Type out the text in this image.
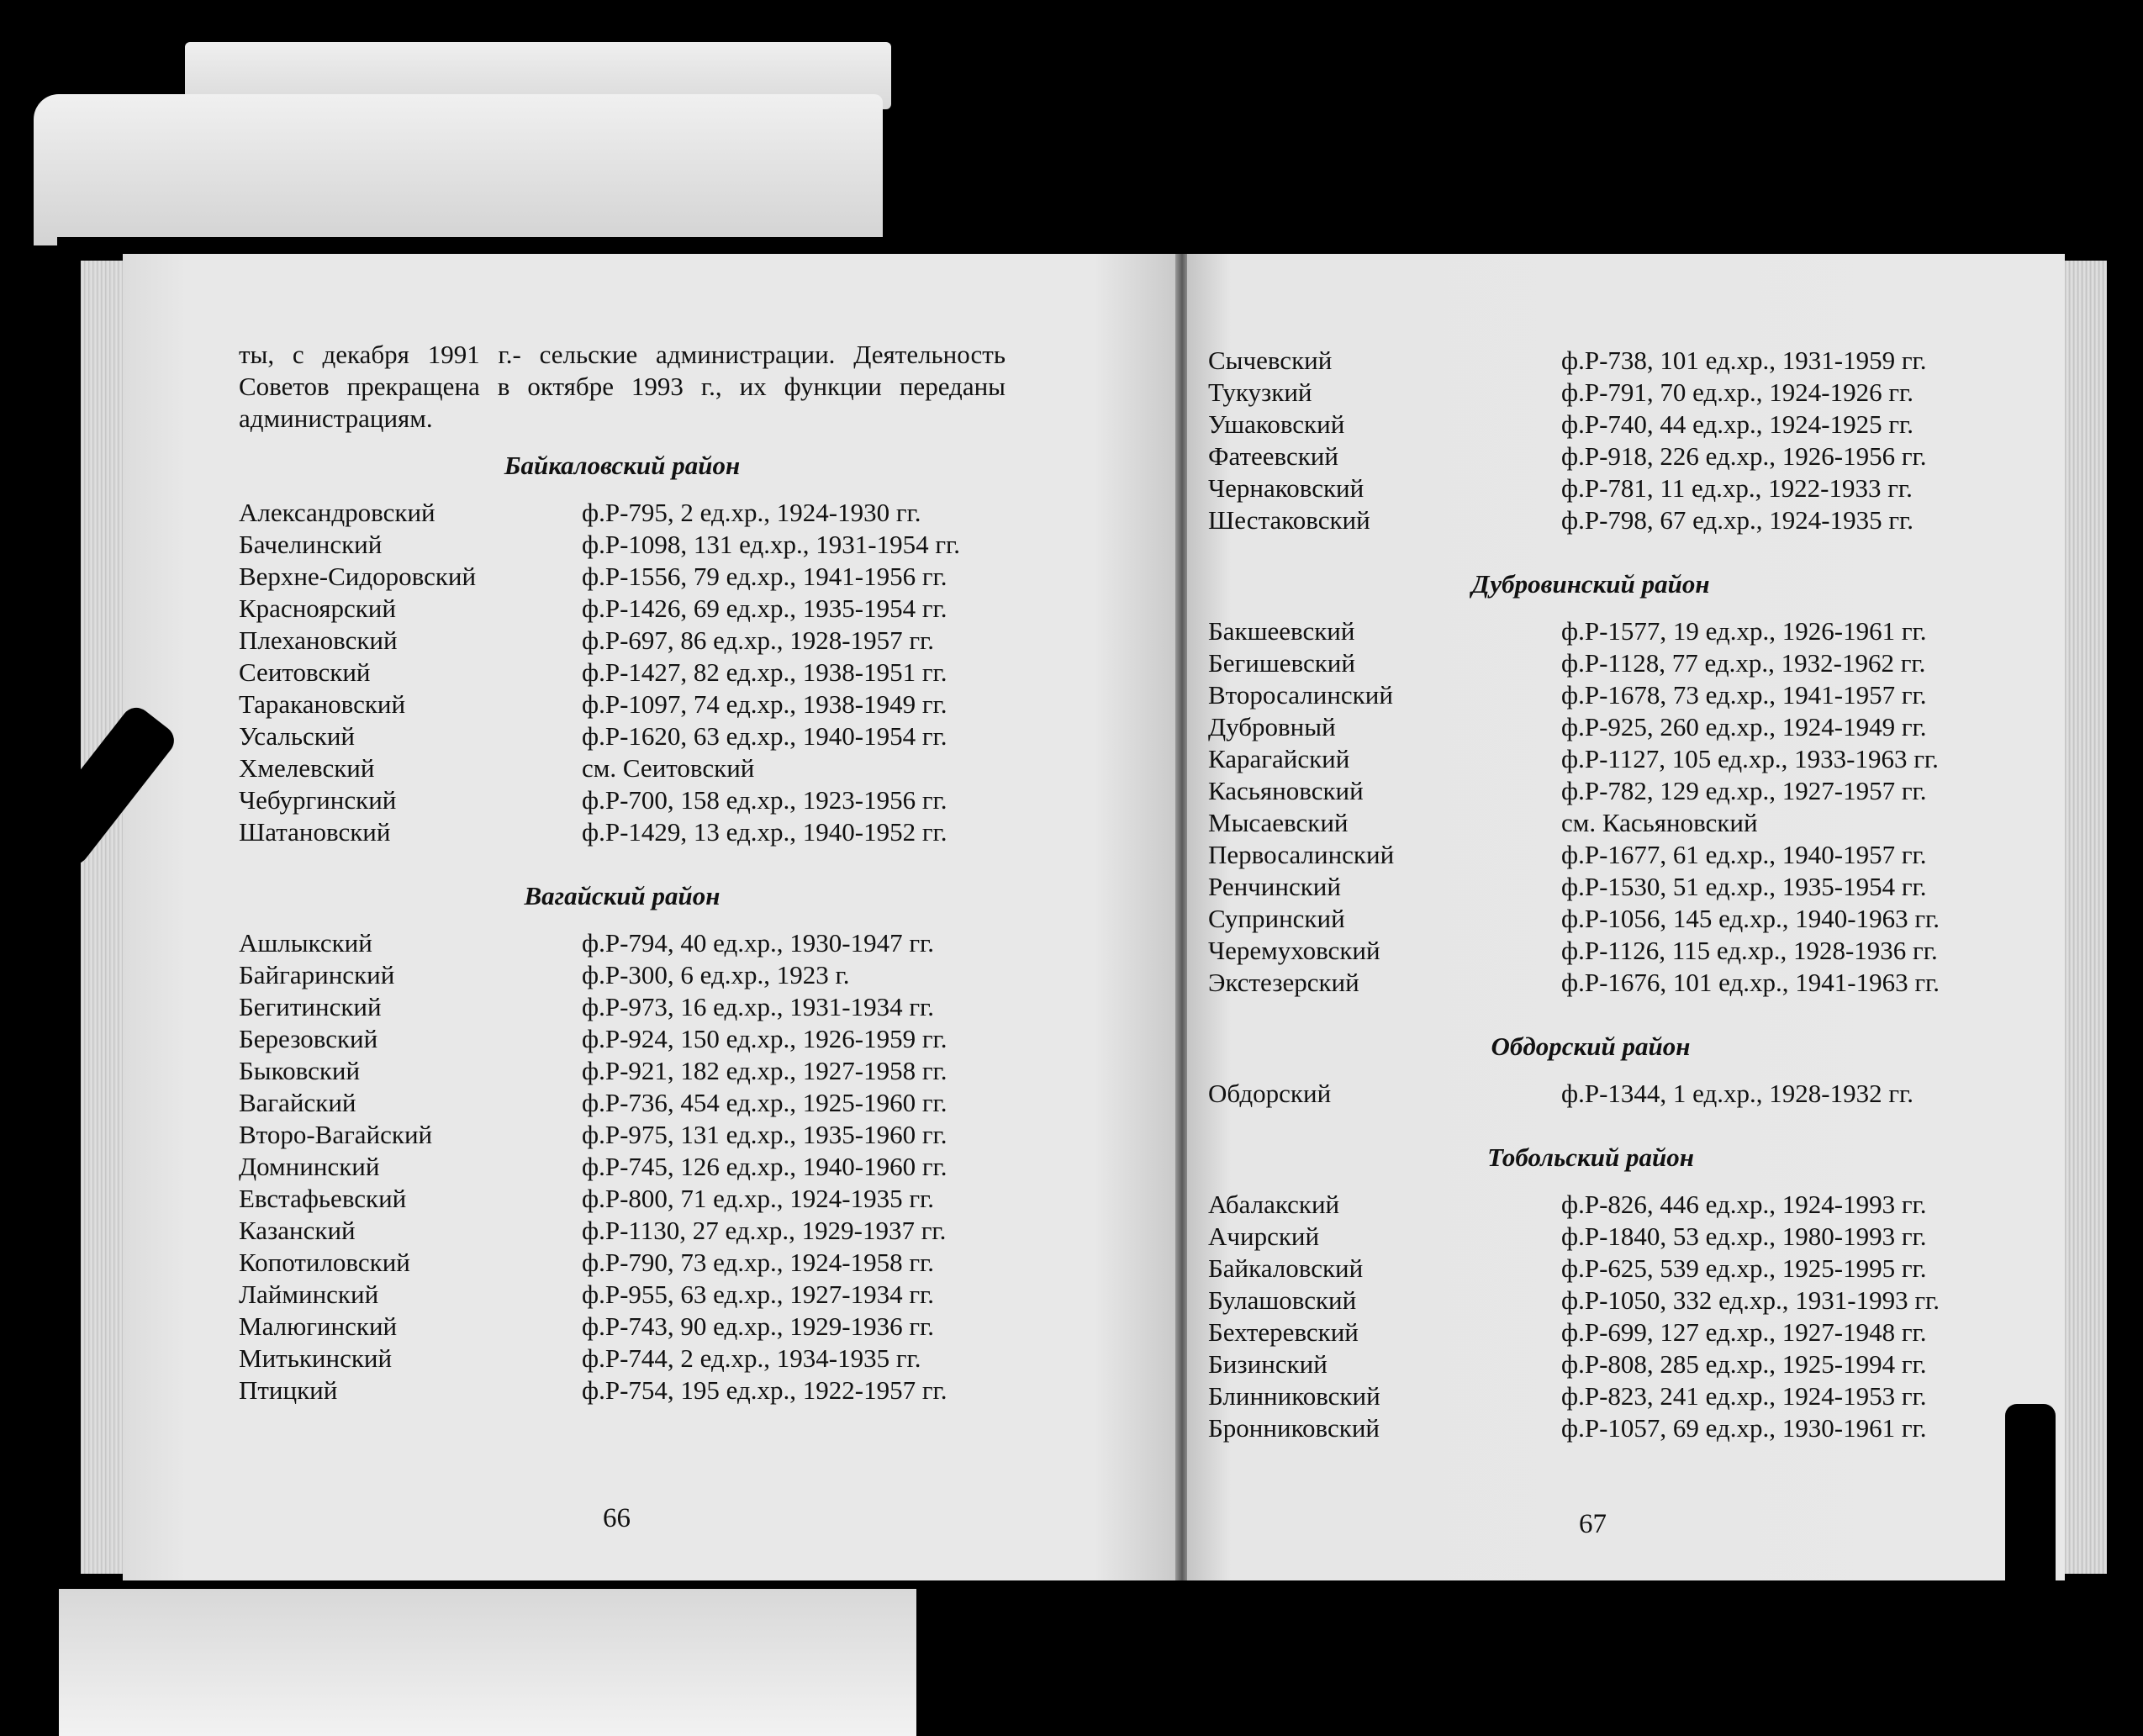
ты, с декабря 1991 г.- сельские администрации. Деятельность Советов прекращена в октябре 1993 г., их функции переданы администрациям.

Байкаловский район
Александровский	ф.Р-795, 2 ед.хр., 1924-1930 гг.
Бачелинский	ф.Р-1098, 131 ед.хр., 1931-1954 гг.
Верхне-Сидоровский	ф.Р-1556, 79 ед.хр., 1941-1956 гг.
Красноярский	ф.Р-1426, 69 ед.хр., 1935-1954 гг.
Плехановский	ф.Р-697, 86 ед.хр., 1928-1957 гг.
Сеитовский	ф.Р-1427, 82 ед.хр., 1938-1951 гг.
Таракановский	ф.Р-1097, 74 ед.хр., 1938-1949 гг.
Усальский	ф.Р-1620, 63 ед.хр., 1940-1954 гг.
Хмелевский	см. Сеитовский
Чебургинский	ф.Р-700, 158 ед.хр., 1923-1956 гг.
Шатановский	ф.Р-1429, 13 ед.хр., 1940-1952 гг.
Вагайский район
Ашлыкский	ф.Р-794, 40 ед.хр., 1930-1947 гг.
Байгаринский	ф.Р-300, 6 ед.хр., 1923 г.
Бегитинский	ф.Р-973, 16 ед.хр., 1931-1934 гг.
Березовский	ф.Р-924, 150 ед.хр., 1926-1959 гг.
Быковский	ф.Р-921, 182 ед.хр., 1927-1958 гг.
Вагайский	ф.Р-736, 454 ед.хр., 1925-1960 гг.
Второ-Вагайский	ф.Р-975, 131 ед.хр., 1935-1960 гг.
Домнинский	ф.Р-745, 126 ед.хр., 1940-1960 гг.
Евстафьевский	ф.Р-800, 71 ед.хр., 1924-1935 гг.
Казанский	ф.Р-1130, 27 ед.хр., 1929-1937 гг.
Копотиловский	ф.Р-790, 73 ед.хр., 1924-1958 гг.
Лайминский	ф.Р-955, 63 ед.хр., 1927-1934 гг.
Малюгинский	ф.Р-743, 90 ед.хр., 1929-1936 гг.
Митькинский	ф.Р-744, 2 ед.хр., 1934-1935 гг.
Птицкий	ф.Р-754, 195 ед.хр., 1922-1957 гг.
66
Сычевский	ф.Р-738, 101 ед.хр., 1931-1959 гг.
Тукузкий	ф.Р-791, 70 ед.хр., 1924-1926 гг.
Ушаковский	ф.Р-740, 44 ед.хр., 1924-1925 гг.
Фатеевский	ф.Р-918, 226 ед.хр., 1926-1956 гг.
Чернаковский	ф.Р-781, 11 ед.хр., 1922-1933 гг.
Шестаковский	ф.Р-798, 67 ед.хр., 1924-1935 гг.
Дубровинский район
Бакшеевский	ф.Р-1577, 19 ед.хр., 1926-1961 гг.
Бегишевский	ф.Р-1128, 77 ед.хр., 1932-1962 гг.
Второсалинский	ф.Р-1678, 73 ед.хр., 1941-1957 гг.
Дубровный	ф.Р-925, 260 ед.хр., 1924-1949 гг.
Карагайский	ф.Р-1127, 105 ед.хр., 1933-1963 гг.
Касьяновский	ф.Р-782, 129 ед.хр., 1927-1957 гг.
Мысаевский	см. Касьяновский
Первосалинский	ф.Р-1677, 61 ед.хр., 1940-1957 гг.
Ренчинский	ф.Р-1530, 51 ед.хр., 1935-1954 гг.
Супринский	ф.Р-1056, 145 ед.хр., 1940-1963 гг.
Черемуховский	ф.Р-1126, 115 ед.хр., 1928-1936 гг.
Экстезерский	ф.Р-1676, 101 ед.хр., 1941-1963 гг.
Обдорский район
Обдорский	ф.Р-1344, 1 ед.хр., 1928-1932 гг.
Тобольский район
Абалакский	ф.Р-826, 446 ед.хр., 1924-1993 гг.
Ачирский	ф.Р-1840, 53 ед.хр., 1980-1993 гг.
Байкаловский	ф.Р-625, 539 ед.хр., 1925-1995 гг.
Булашовский	ф.Р-1050, 332 ед.хр., 1931-1993 гг.
Бехтеревский	ф.Р-699, 127 ед.хр., 1927-1948 гг.
Бизинский	ф.Р-808, 285 ед.хр., 1925-1994 гг.
Блинниковский	ф.Р-823, 241 ед.хр., 1924-1953 гг.
Бронниковский	ф.Р-1057, 69 ед.хр., 1930-1961 гг.
67
